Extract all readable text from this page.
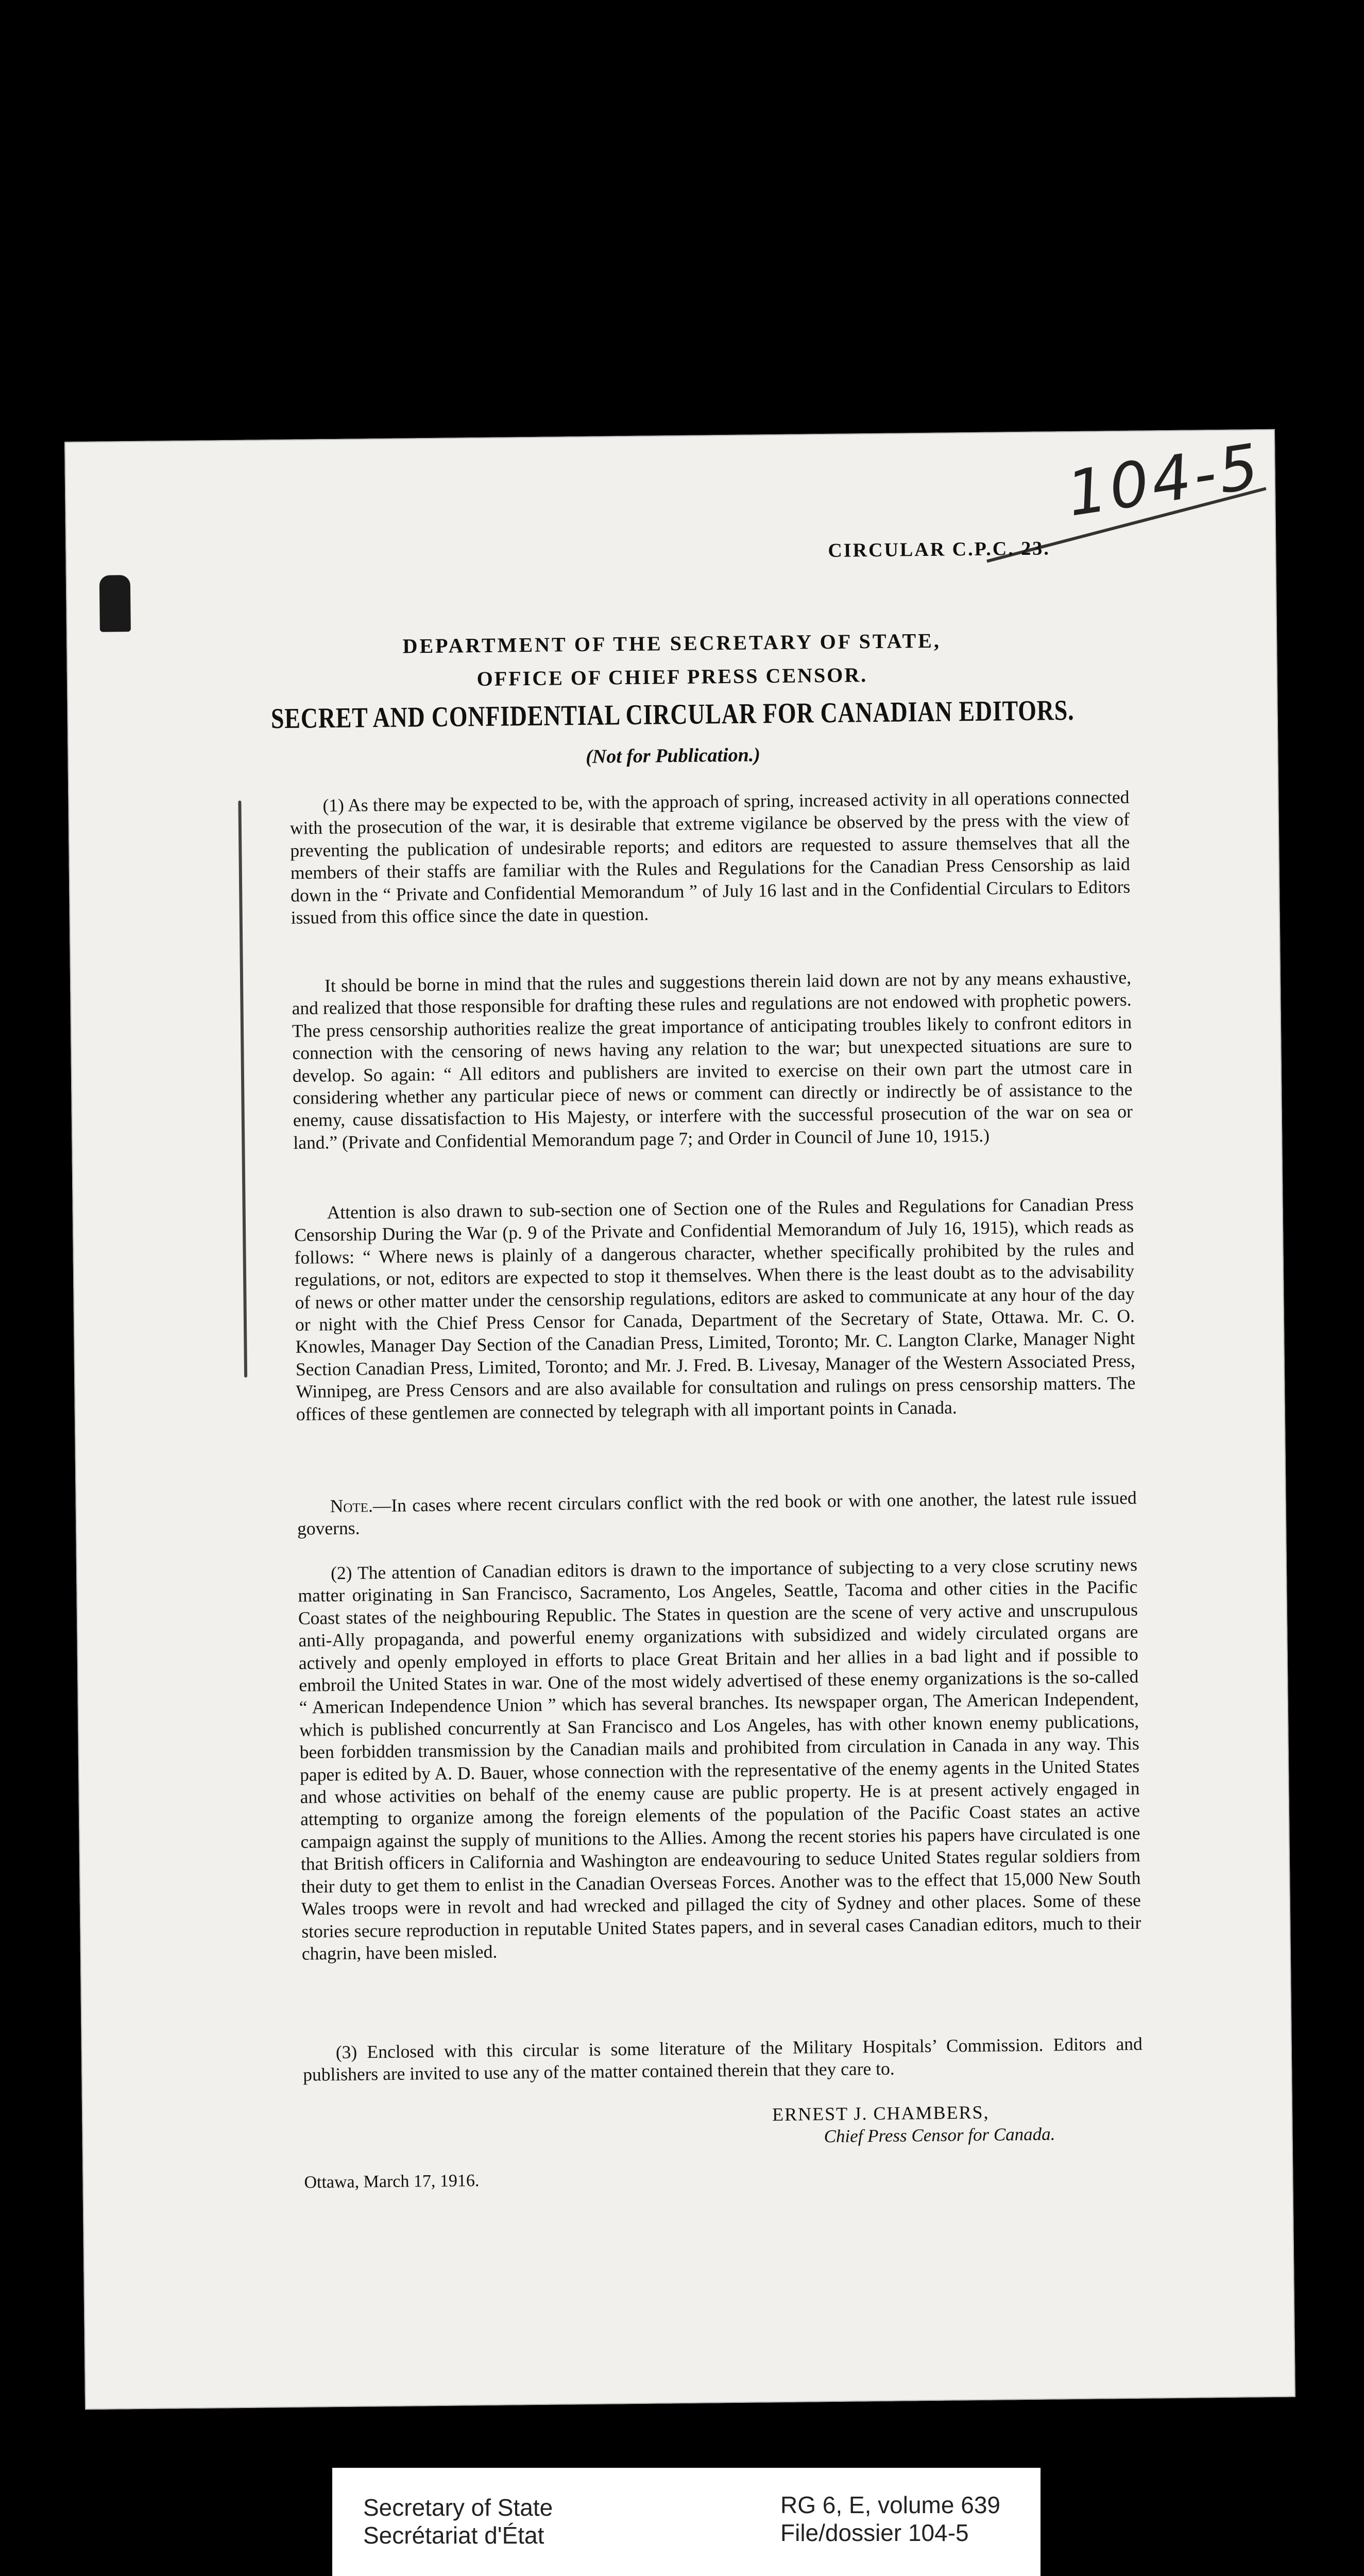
104-5
CIRCULAR C.P.C. 23.
DEPARTMENT OF THE SECRETARY OF STATE,
OFFICE OF CHIEF PRESS CENSOR.
SECRET AND CONFIDENTIAL CIRCULAR FOR CANADIAN EDITORS.
(Not for Publication.)

(1) As there may be expected to be, with the approach of spring, increased activity in all operations connected with the prosecution of the war, it is desirable that extreme vigilance be observed by the press with the view of preventing the publication of undesirable reports; and editors are requested to assure themselves that all the members of their staffs are familiar with the Rules and Regulations for the Canadian Press Censorship as laid down in the “ Private and Confidential Memorandum ” of July 16 last and in the Confidential Circulars to Editors issued from this office since the date in question.

It should be borne in mind that the rules and suggestions therein laid down are not by any means exhaustive, and realized that those responsible for drafting these rules and regulations are not endowed with prophetic powers. The press censorship authorities realize the great importance of anticipating troubles likely to confront editors in connection with the censoring of news having any relation to the war; but unexpected situations are sure to develop. So again: “ All editors and publishers are invited to exercise on their own part the utmost care in considering whether any particular piece of news or comment can directly or indirectly be of assistance to the enemy, cause dissatisfaction to His Majesty, or interfere with the successful prosecution of the war on sea or land.” (Private and Confidential Memorandum page 7; and Order in Council of June 10, 1915.)

Attention is also drawn to sub-section one of Section one of the Rules and Regulations for Canadian Press Censorship During the War (p. 9 of the Private and Confidential Memorandum of July 16, 1915), which reads as follows: “ Where news is plainly of a dangerous character, whether specifically prohibited by the rules and regulations, or not, editors are expected to stop it themselves. When there is the least doubt as to the advisability of news or other matter under the censorship regulations, editors are asked to communicate at any hour of the day or night with the Chief Press Censor for Canada, Department of the Secretary of State, Ottawa. Mr. C. O. Knowles, Manager Day Section of the Canadian Press, Limited, Toronto; Mr. C. Langton Clarke, Manager Night Section Canadian Press, Limited, Toronto; and Mr. J. Fred. B. Livesay, Manager of the Western Associated Press, Winnipeg, are Press Censors and are also available for consultation and rulings on press censorship matters. The offices of these gentlemen are connected by telegraph with all important points in Canada.

Note.—In cases where recent circulars conflict with the red book or with one another, the latest rule issued governs.

(2) The attention of Canadian editors is drawn to the importance of subjecting to a very close scrutiny news matter originating in San Francisco, Sacramento, Los Angeles, Seattle, Tacoma and other cities in the Pacific Coast states of the neighbouring Republic. The States in question are the scene of very active and unscrupulous anti-Ally propaganda, and powerful enemy organizations with subsidized and widely circulated organs are actively and openly employed in efforts to place Great Britain and her allies in a bad light and if possible to embroil the United States in war. One of the most widely advertised of these enemy organizations is the so-called “ American Independence Union ” which has several branches. Its newspaper organ, The American Independent, which is published concurrently at San Francisco and Los Angeles, has with other known enemy publications, been forbidden transmission by the Canadian mails and prohibited from circulation in Canada in any way. This paper is edited by A. D. Bauer, whose connection with the representative of the enemy agents in the United States and whose activities on behalf of the enemy cause are public property. He is at present actively engaged in attempting to organize among the foreign elements of the population of the Pacific Coast states an active campaign against the supply of munitions to the Allies. Among the recent stories his papers have circulated is one that British officers in California and Washington are endeavouring to seduce United States regular soldiers from their duty to get them to enlist in the Canadian Overseas Forces. Another was to the effect that 15,000 New South Wales troops were in revolt and had wrecked and pillaged the city of Sydney and other places. Some of these stories secure reproduction in reputable United States papers, and in several cases Canadian editors, much to their chagrin, have been misled.

(3) Enclosed with this circular is some literature of the Military Hospitals’ Commission. Editors and publishers are invited to use any of the matter contained therein that they care to.

ERNEST J. CHAMBERS,
Chief Press Censor for Canada.
Ottawa, March 17, 1916.
Secretary of State
Secrétariat d'État
RG 6, E, volume 639
File/dossier 104-5
